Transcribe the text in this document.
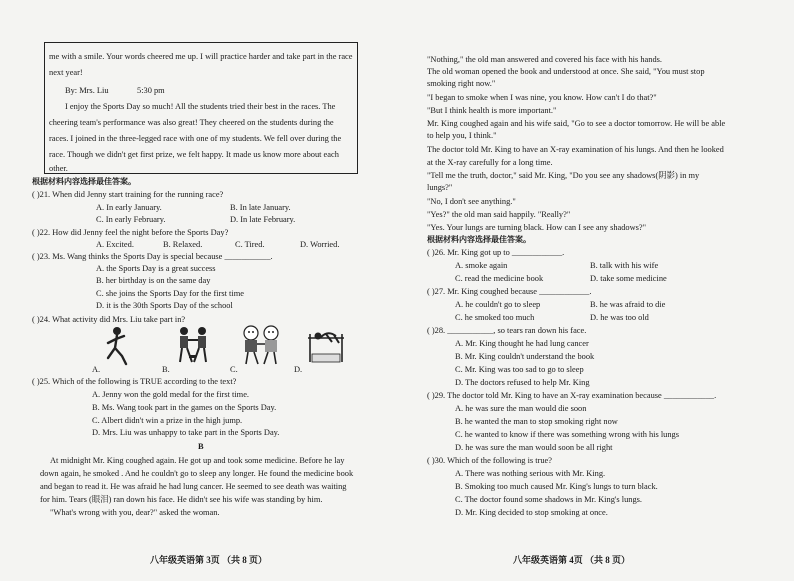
me with a smile. Your words cheered me up. I will practice harder and take part in the race
next year!
By: Mrs. Liu	5:30 pm
I enjoy the Sports Day so much! All the students tried their best in the races. The
cheering team's performance was also great! They cheered on the students during the
races. I joined in the three-legged race with one of my students. We fell over during the
race. Though we didn't get first prize, we felt happy. It made us know more about each
other.
根据材料内容选择最佳答案。
( )21. When did Jenny start training for the running race?
A. In early January.	B. In late January.
C. In early February.	D. In late February.
( )22. How did Jenny feel the night before the Sports Day?
A. Excited.	B. Relaxed.	C. Tired.	D. Worried.
( )23. Ms. Wang thinks the Sports Day is special because ___________.
A. the Sports Day is a great success
B. her birthday is on the same day
C. she joins the Sports Day for the first time
D. it is the 30th Sports Day of the school
( )24. What activity did Mrs. Liu take part in?
A.	B.	C.	D.
( )25. Which of the following is TRUE according to the text?
A. Jenny won the gold medal for the first time.
B. Ms. Wang took part in the games on the Sports Day.
C. Albert didn't win a prize in the high jump.
D. Mrs. Liu was unhappy to take part in the Sports Day.
B
At midnight Mr. King coughed again. He got up and took some medicine. Before he lay
down again, he smoked . And he couldn't go to sleep any longer. He found the medicine book
and began to read it. He was afraid he had lung cancer. He seemed to see death was waiting
for him. Tears (眼泪) ran down his face. He didn't see his wife was standing by him.
"What's wrong with you, dear?" asked the woman.
八年级英语第 3页 （共 8 页）
"Nothing," the old man answered and covered his face with his hands.
The old woman opened the book and understood at once. She said, "You must stop
smoking right now."
"I began to smoke when I was nine, you know. How can't I do that?"
"But I think health is more important."
Mr. King coughed again and his wife said, "Go to see a doctor tomorrow. He will be able
to help you, I think."
The doctor told Mr. King to have an X-ray examination of his lungs. And then he looked
at the X-ray carefully for a long time.
"Tell me the truth, doctor," said Mr. King, "Do you see any shadows(阴影) in my
lungs?"
"No, I don't see anything."
"Yes?" the old man said happily. "Really?"
"Yes. Your lungs are turning black. How can I see any shadows?"
根据材料内容选择最佳答案。
( )26. Mr. King got up to ____________.
A. smoke again	B. talk with his wife
C. read the medicine book	D. take some medicine
( )27. Mr. King coughed because ____________.
A. he couldn't go to sleep	B. he was afraid to die
C. he smoked too much	D. he was too old
( )28. ___________, so tears ran down his face.
A. Mr. King thought he had lung cancer
B. Mr. King couldn't understand the book
C. Mr. King was too sad to go to sleep
D. The doctors refused to help Mr. King
( )29. The doctor told Mr. King to have an X-ray examination because ____________.
A. he was sure the man would die soon
B. he wanted the man to stop smoking right now
C. he wanted to know if there was something wrong with his lungs
D. he was sure the man would soon be all right
( )30. Which of the following is true?
A. There was nothing serious with Mr. King.
B. Smoking too much caused Mr. King's lungs to turn black.
C. The doctor found some shadows in Mr. King's lungs.
D. Mr. King decided to stop smoking at once.
八年级英语第 4页 （共 8 页）
